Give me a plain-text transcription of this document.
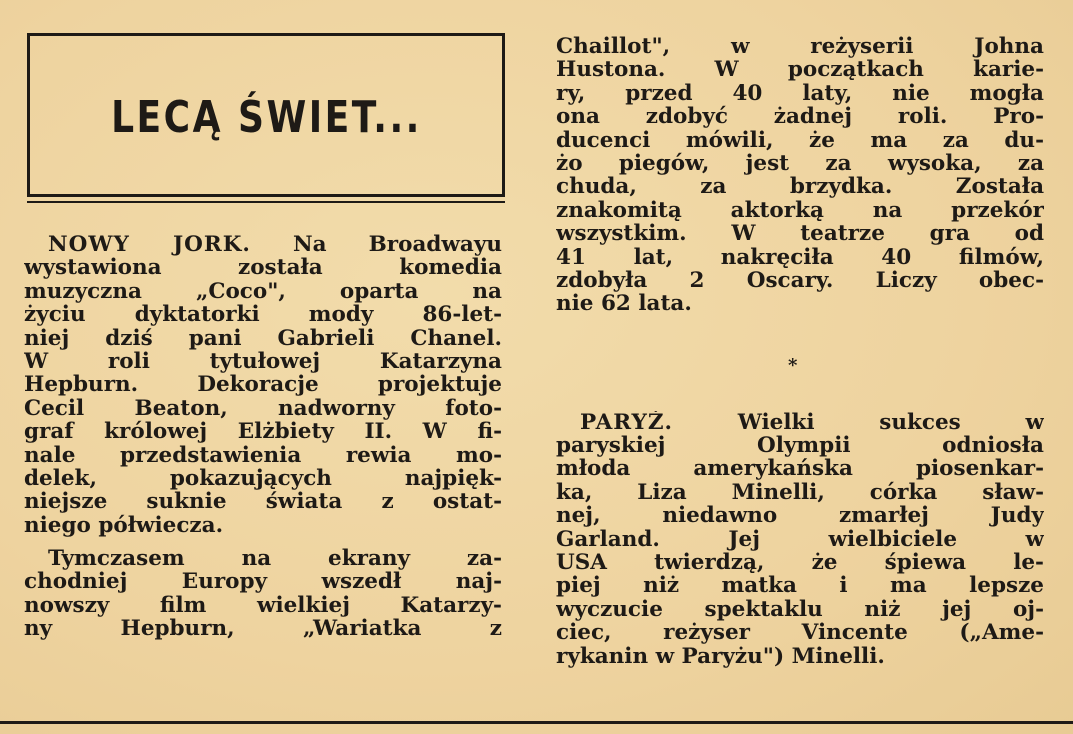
LECĄ ŚWIET...
NOWY JORK. Na Broadwayu
wystawiona została komedia
muzyczna „Coco", oparta na
życiu dyktatorki mody 86-let-
niej dziś pani Gabrieli Chanel.
W roli tytułowej Katarzyna
Hepburn. Dekoracje projektuje
Cecil Beaton, nadworny foto-
graf królowej Elżbiety II. W fi-
nale przedstawienia rewia mo-
delek, pokazujących najpięk-
niejsze suknie świata z ostat-
niego półwiecza.
Tymczasem na ekrany za-
chodniej Europy wszedł naj-
nowszy film wielkiej Katarzy-
ny Hepburn, „Wariatka z
Chaillot", w reżyserii Johna
Hustona. W początkach karie-
ry, przed 40 laty, nie mogła
ona zdobyć żadnej roli. Pro-
ducenci mówili, że ma za du-
żo piegów, jest za wysoka, za
chuda, za brzydka. Została
znakomitą aktorką na przekór
wszystkim. W teatrze gra od
41 lat, nakręciła 40 filmów,
zdobyła 2 Oscary. Liczy obec-
nie 62 lata.
PARYŻ. Wielki sukces w
paryskiej Olympii odniosła
młoda amerykańska piosenkar-
ka, Liza Minelli, córka sław-
nej, niedawno zmarłej Judy
Garland. Jej wielbiciele w
USA twierdzą, że śpiewa le-
piej niż matka i ma lepsze
wyczucie spektaklu niż jej oj-
ciec, reżyser Vincente („Ame-
rykanin w Paryżu") Minelli.
*
